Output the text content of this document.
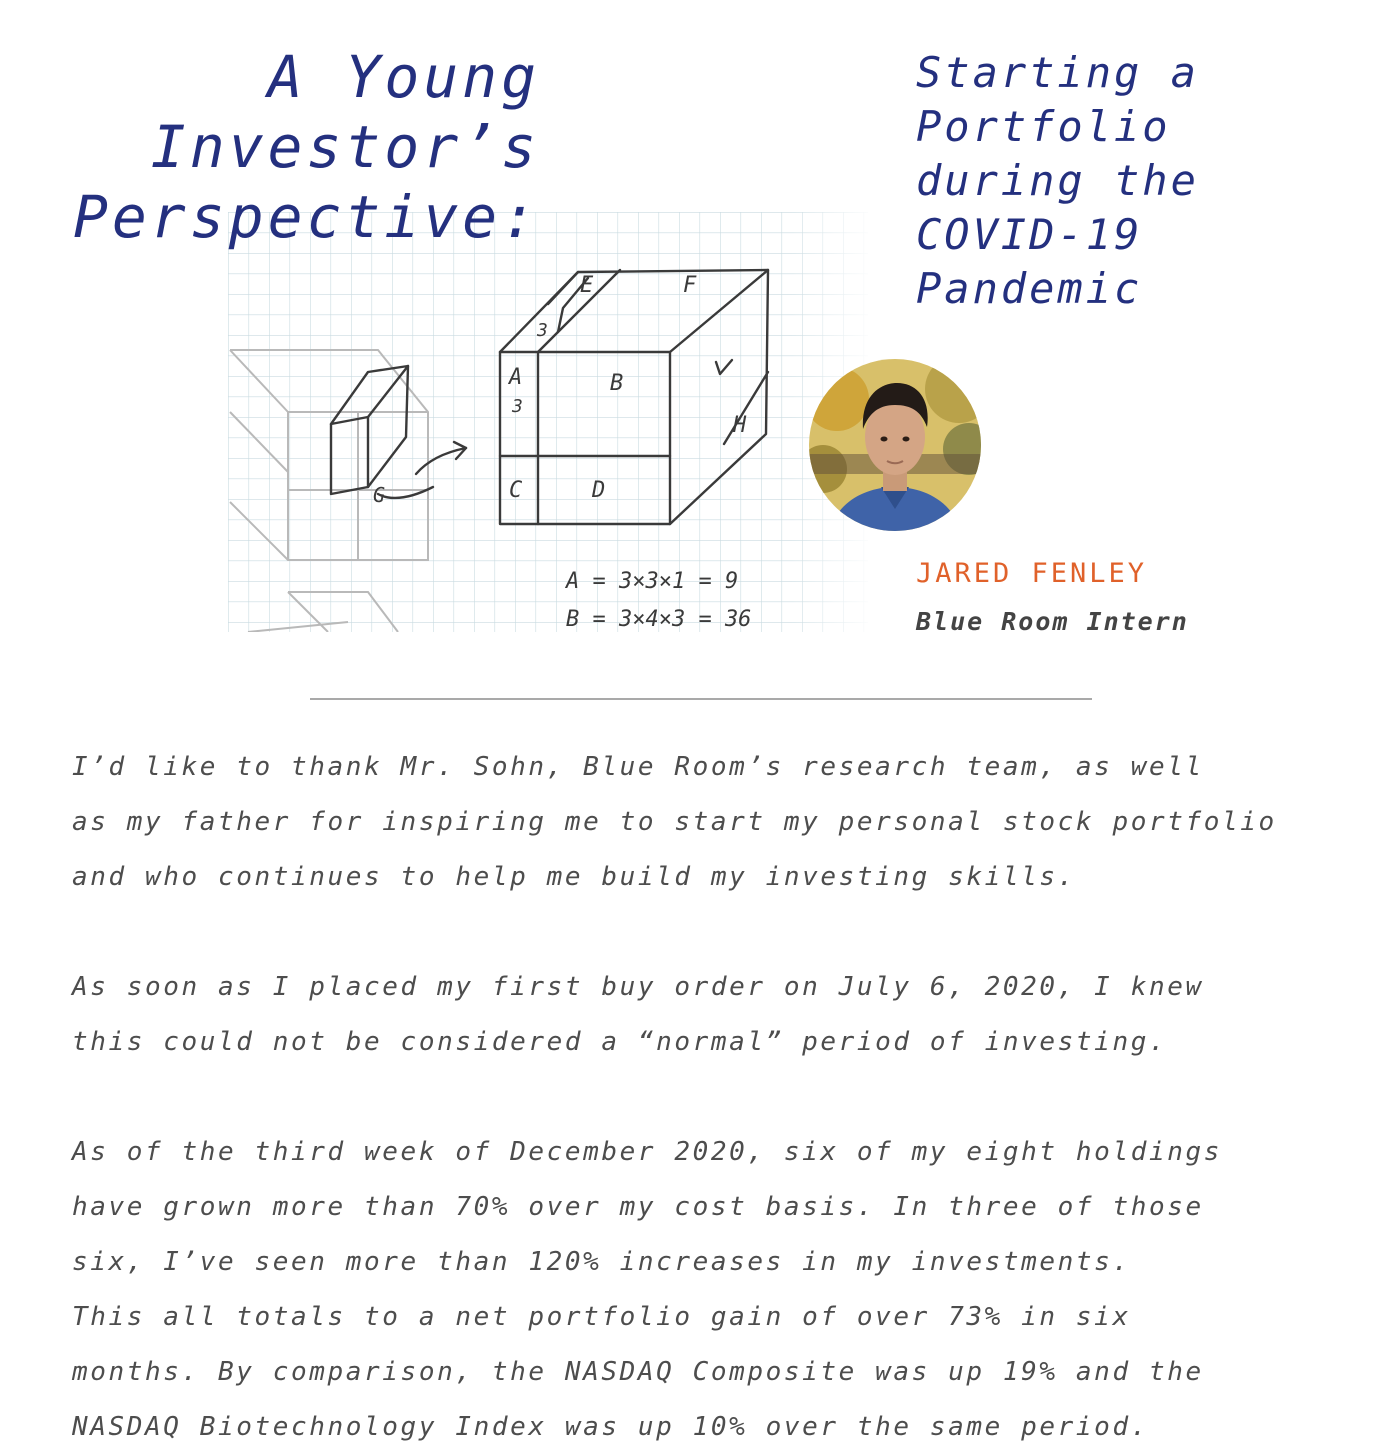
E	F
A
3
B
H
C	D
G
3
A = 3×3×1 = 9
B = 3×4×3 = 36
A Young
Investor’s
Perspective:
Starting a
Portfolio
during the
COVID-19
Pandemic

JARED FENLEY

Blue Room Intern

I’d like to thank Mr. Sohn, Blue Room’s research team, as well
as my father for inspiring me to start my personal stock portfolio
and who continues to help me build my investing skills.

As soon as I placed my first buy order on July 6, 2020, I knew
this could not be considered a “normal” period of investing.

As of the third week of December 2020, six of my eight holdings
have grown more than 70% over my cost basis. In three of those
six, I’ve seen more than 120% increases in my investments.
This all totals to a net portfolio gain of over 73% in six
months. By comparison, the NASDAQ Composite was up 19% and the
NASDAQ Biotechnology Index was up 10% over the same period.
